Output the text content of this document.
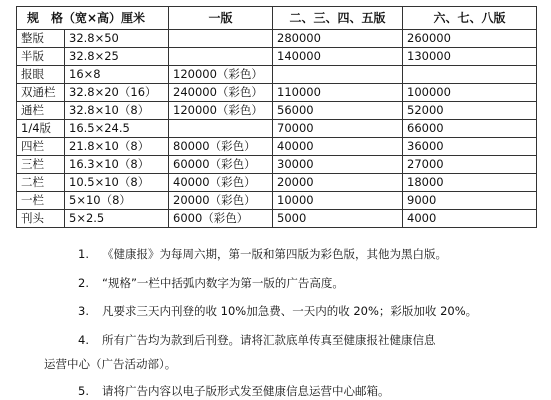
规　格（宽×高）厘米		一版	二、三、四、五版	六、七、八版
整版	32.8×50		280000	260000
半版	32.8×25		140000	130000
报眼	16×8	120000（彩色）		
双通栏	32.8×20（16）	240000（彩色）	110000	100000
通栏	32.8×10（8）	120000（彩色）	56000	52000
1/4版	16.5×24.5		70000	66000
四栏	21.8×10（8）	80000（彩色）	40000	36000
三栏	16.3×10（8）	60000（彩色）	30000	27000
二栏	10.5×10（8）	40000（彩色）	20000	18000
一栏	5×10（8）	20000（彩色）	10000	9000
刊头	5×2.5	6000（彩色）	5000	4000
1. 《健康报》为每周六期，第一版和第四版为彩色版，其他为黑白版。
2. “规格”一栏中括弧内数字为第一版的广告高度。
3. 凡要求三天内刊登的收 10%加急费、一天内的收 20%；彩版加收 20%。
4. 所有广告均为款到后刊登。请将汇款底单传真至健康报社健康信息
运营中心（广告活动部）。
5. 请将广告内容以电子版形式发至健康信息运营中心邮箱。
